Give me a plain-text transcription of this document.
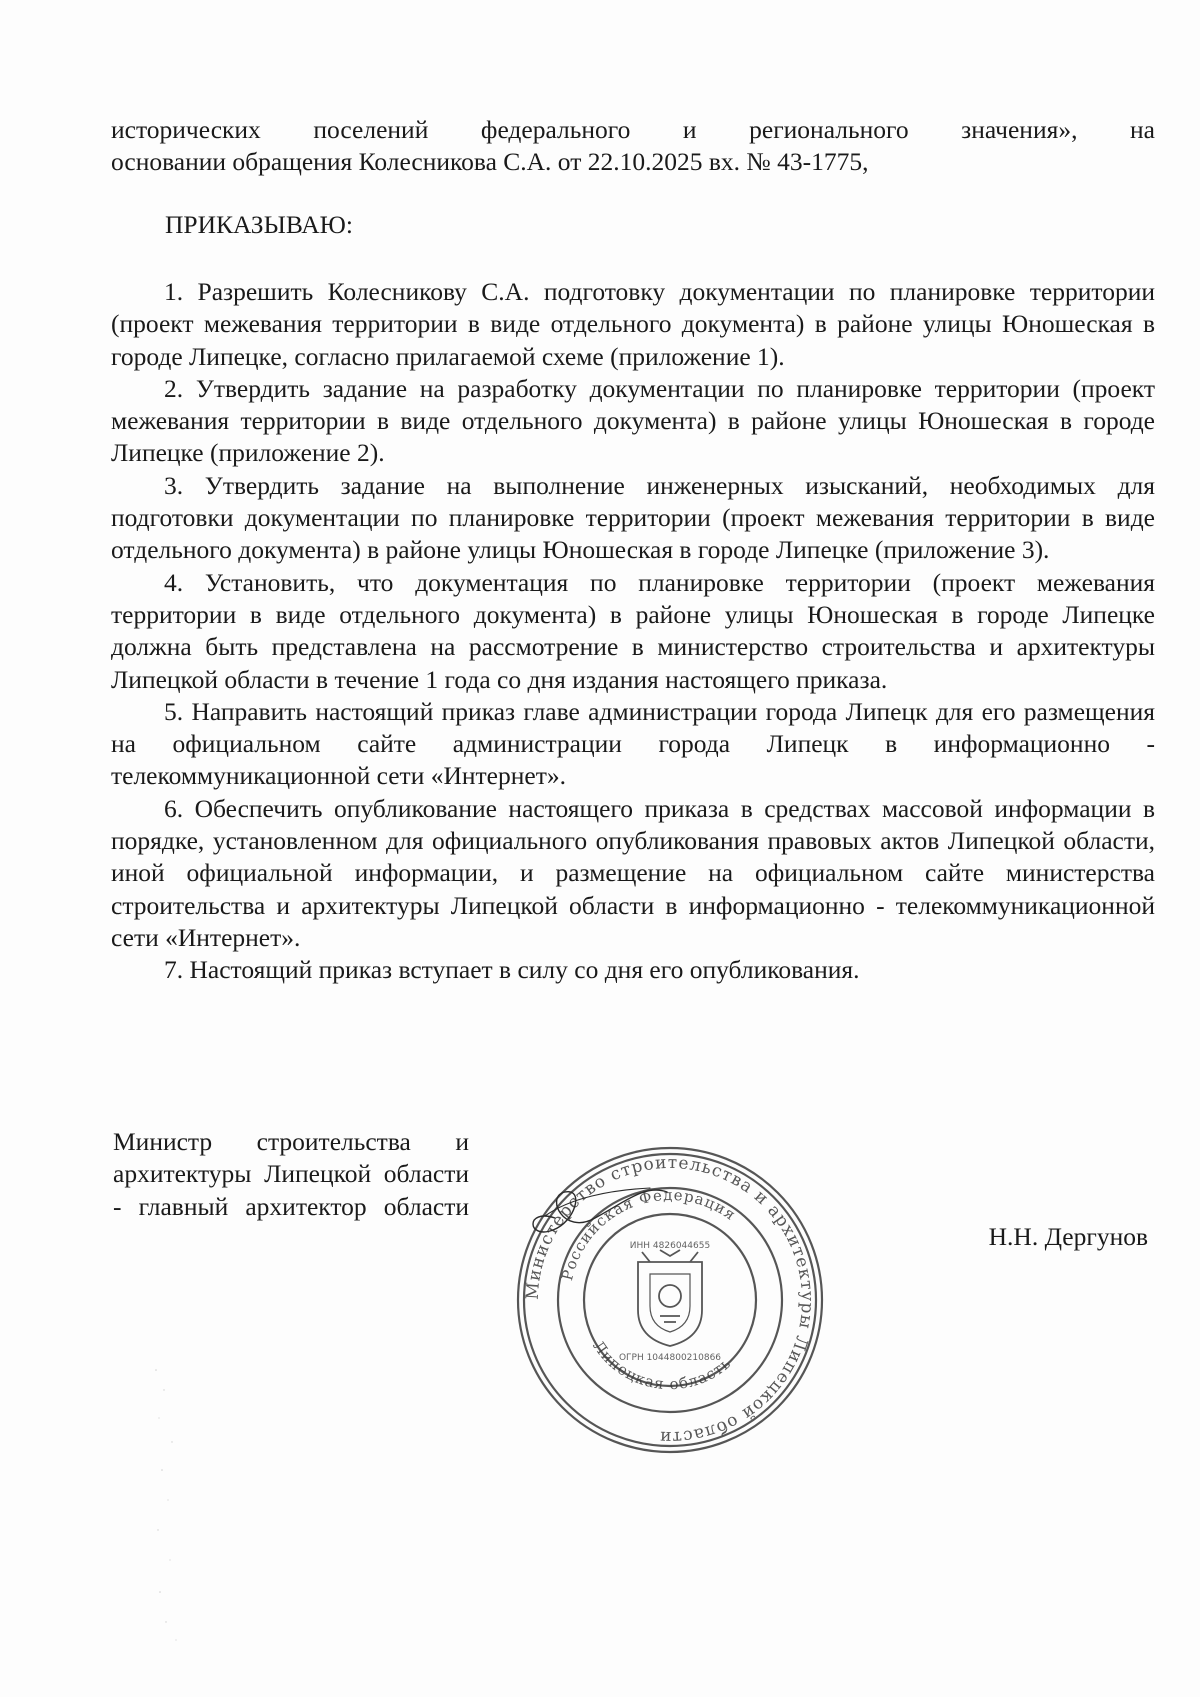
исторических поселений федерального и регионального значения», на
основании обращения Колесникова С.А. от 22.10.2025 вх. № 43-1775,
ПРИКАЗЫВАЮ:

1. Разрешить Колесникову С.А. подготовку документации по планировке территории (проект межевания территории в виде отдельного документа) в районе улицы Юношеская в городе Липецке, согласно прилагаемой схеме (приложение 1).

2. Утвердить задание на разработку документации по планировке территории (проект межевания территории в виде отдельного документа) в районе улицы Юношеская в городе Липецке (приложение 2).

3. Утвердить задание на выполнение инженерных изысканий, необходимых для подготовки документации по планировке территории (проект межевания территории в виде отдельного документа) в районе улицы Юношеская в городе Липецке (приложение 3).

4. Установить, что документация по планировке территории (проект межевания территории в виде отдельного документа) в районе улицы Юношеская в городе Липецке должна быть представлена на рассмотрение в министерство строительства и архитектуры Липецкой области в течение 1 года со дня издания настоящего приказа.

5. Направить настоящий приказ главе администрации города Липецк для его размещения на официальном сайте администрации города Липецк в информационно - телекоммуникационной сети «Интернет».

6. Обеспечить опубликование настоящего приказа в средствах массовой информации в порядке, установленном для официального опубликования правовых актов Липецкой области, иной официальной информации, и размещение на официальном сайте министерства строительства и архитектуры Липецкой области в информационно - телекоммуникационной сети «Интернет».

7. Настоящий приказ вступает в силу со дня его опубликования.

Министр строительства и архитектуры Липецкой области - главный архитектор области
Министерство строительства и архитектуры Липецкой области
Российская Федерация
Липецкая область
ИНН 4826044655
ОГРН 1044800210866
Н.Н. Дергунов
